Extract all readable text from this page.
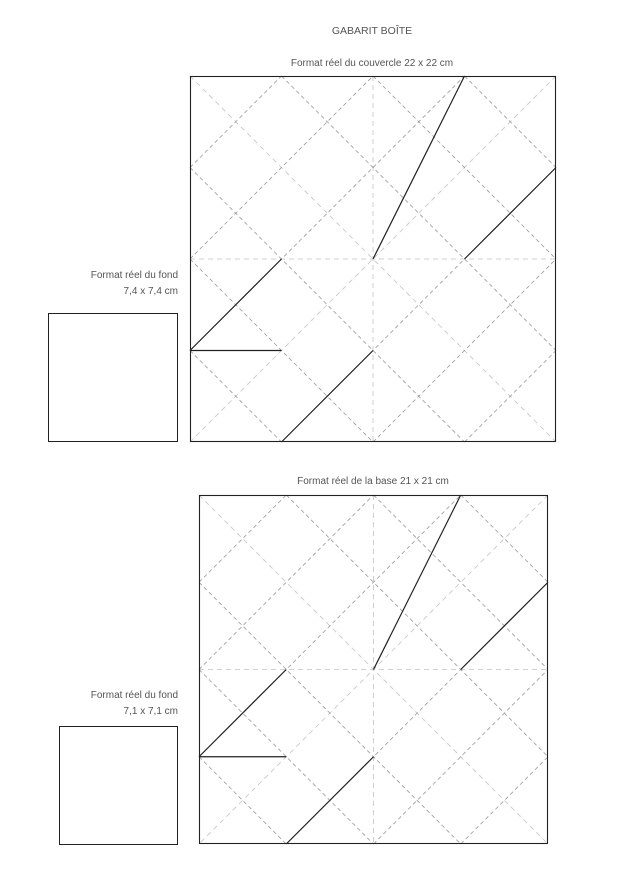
GABARIT BOÎTE
Format réel du couvercle 22 x 22 cm
Format réel du fond
7,4 x 7,4 cm
Format réel de la base 21 x 21 cm
Format réel du fond
7,1 x 7,1 cm
